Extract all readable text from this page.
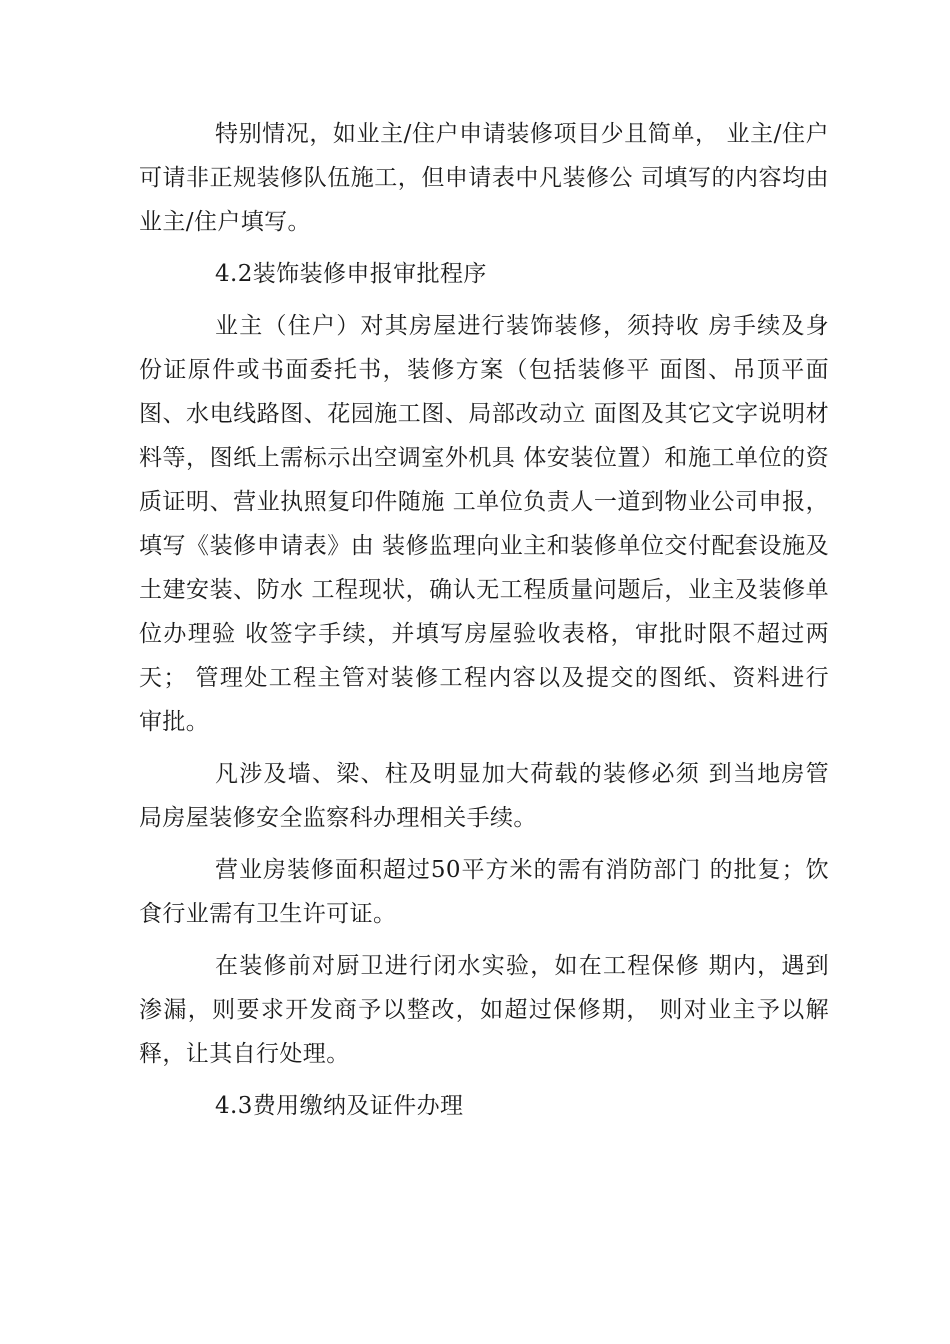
特别情况，如业主/住户申请装修项目少且简单， 业主/住户可请非正规装修队伍施工，但申请表中凡装修公 司填写的内容均由业主/住户填写。

4.2装饰装修申报审批程序

业主（住户）对其房屋进行装饰装修，须持收 房手续及身份证原件或书面委托书，装修方案（包括装修平 面图、吊顶平面图、水电线路图、花园施工图、局部改动立 面图及其它文字说明材料等，图纸上需标示出空调室外机具 体安装位置）和施工单位的资质证明、营业执照复印件随施 工单位负责人一道到物业公司申报，填写《装修申请表》由 装修监理向业主和装修单位交付配套设施及土建安装、防水 工程现状，确认无工程质量问题后，业主及装修单位办理验 收签字手续，并填写房屋验收表格，审批时限不超过两天； 管理处工程主管对装修工程内容以及提交的图纸、资料进行 审批。

凡涉及墙、梁、柱及明显加大荷载的装修必须 到当地房管局房屋装修安全监察科办理相关手续。

营业房装修面积超过50平方米的需有消防部门 的批复；饮食行业需有卫生许可证。

在装修前对厨卫进行闭水实验，如在工程保修 期内，遇到渗漏，则要求开发商予以整改，如超过保修期， 则对业主予以解释，让其自行处理。

4.3费用缴纳及证件办理
